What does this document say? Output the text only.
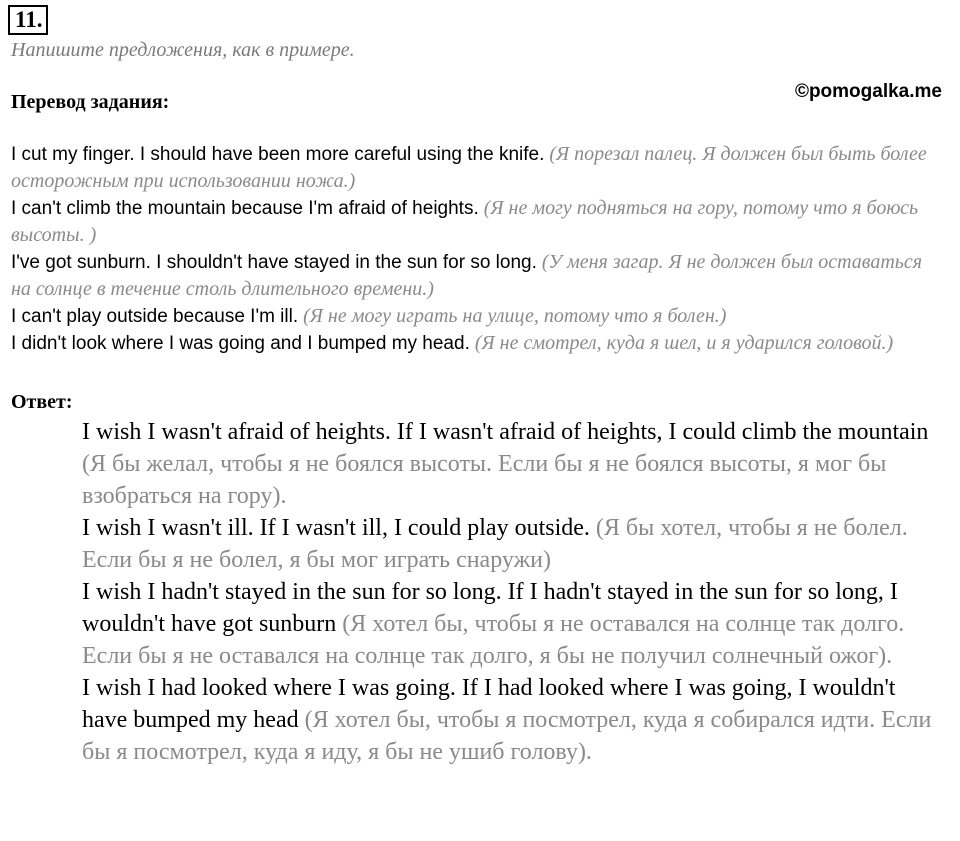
11.
Напишите предложения, как в примере.
Перевод задания:	©pomogalka.me
I cut my finger. I should have been more careful using the knife. (Я порезал палец. Я должен был быть более осторожным при использовании ножа.)
I can't climb the mountain because I'm afraid of heights. (Я не могу подняться на гору, потому что я боюсь высоты. )
I've got sunburn. I shouldn't have stayed in the sun for so long. (У меня загар. Я не должен был оставаться на солнце в течение столь длительного времени.)
I can't play outside because I'm ill. (Я не могу играть на улице, потому что я болен.)
I didn't look where I was going and I bumped my head. (Я не смотрел, куда я шел, и я ударился головой.)
Ответ:
I wish I wasn't afraid of heights. If I wasn't afraid of heights, I could climb the mountain (Я бы желал, чтобы я не боялся высоты. Если бы я не боялся высоты, я мог бы взобраться на гору).
I wish I wasn't ill. If I wasn't ill, I could play outside. (Я бы хотел, чтобы я не болел. Если бы я не болел, я бы мог играть снаружи)
I wish I hadn't stayed in the sun for so long. If I hadn't stayed in the sun for so long, I wouldn't have got sunburn (Я хотел бы, чтобы я не оставался на солнце так долго. Если бы я не оставался на солнце так долго, я бы не получил солнечный ожог).
I wish I had looked where I was going. If I had looked where I was going, I wouldn't have bumped my head (Я хотел бы, чтобы я посмотрел, куда я собирался идти. Если бы я посмотрел, куда я иду, я бы не ушиб голову).
